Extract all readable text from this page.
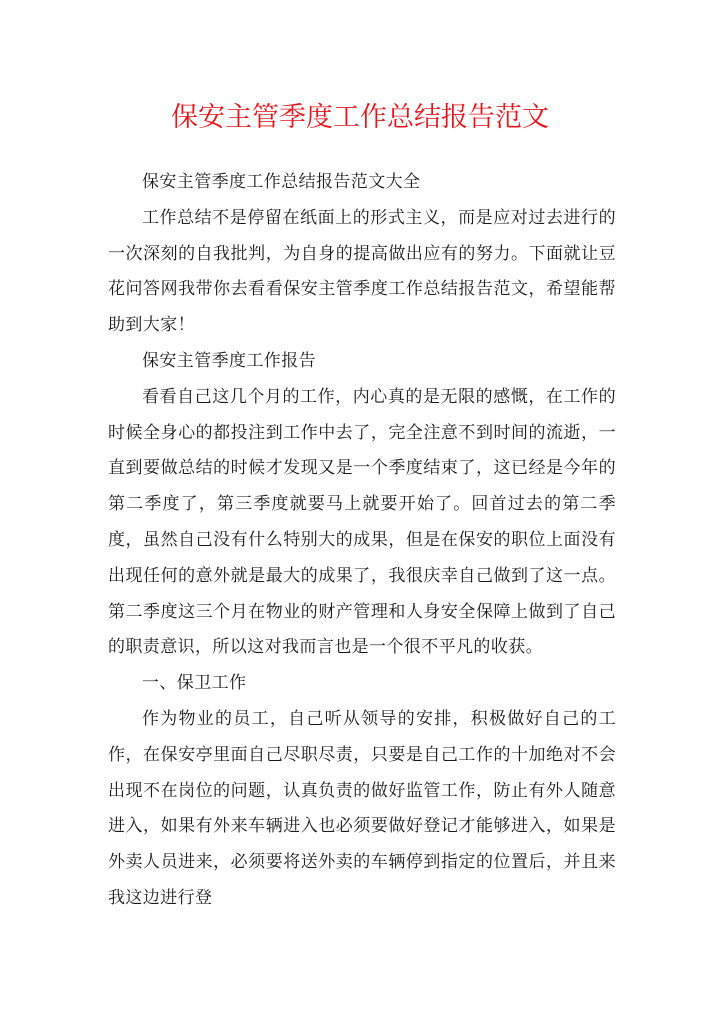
保安主管季度工作总结报告范文

保安主管季度工作总结报告范文大全

工作总结不是停留在纸面上的形式主义，而是应对过去进行的一次深刻的自我批判，为自身的提高做出应有的努力。下面就让豆花问答网我带你去看看保安主管季度工作总结报告范文，希望能帮助到大家！

保安主管季度工作报告

看看自己这几个月的工作，内心真的是无限的感慨，在工作的时候全身心的都投注到工作中去了，完全注意不到时间的流逝，一直到要做总结的时候才发现又是一个季度结束了，这已经是今年的第二季度了，第三季度就要马上就要开始了。回首过去的第二季度，虽然自己没有什么特别大的成果，但是在保安的职位上面没有出现任何的意外就是最大的成果了，我很庆幸自己做到了这一点。第二季度这三个月在物业的财产管理和人身安全保障上做到了自己的职责意识，所以这对我而言也是一个很不平凡的收获。

一、保卫工作

作为物业的员工，自己听从领导的安排，积极做好自己的工作，在保安亭里面自己尽职尽责，只要是自己工作的十加绝对不会出现不在岗位的问题，认真负责的做好监管工作，防止有外人随意进入，如果有外来车辆进入也必须要做好登记才能够进入，如果是外卖人员进来，必须要将送外卖的车辆停到指定的位置后，并且来我这边进行登
